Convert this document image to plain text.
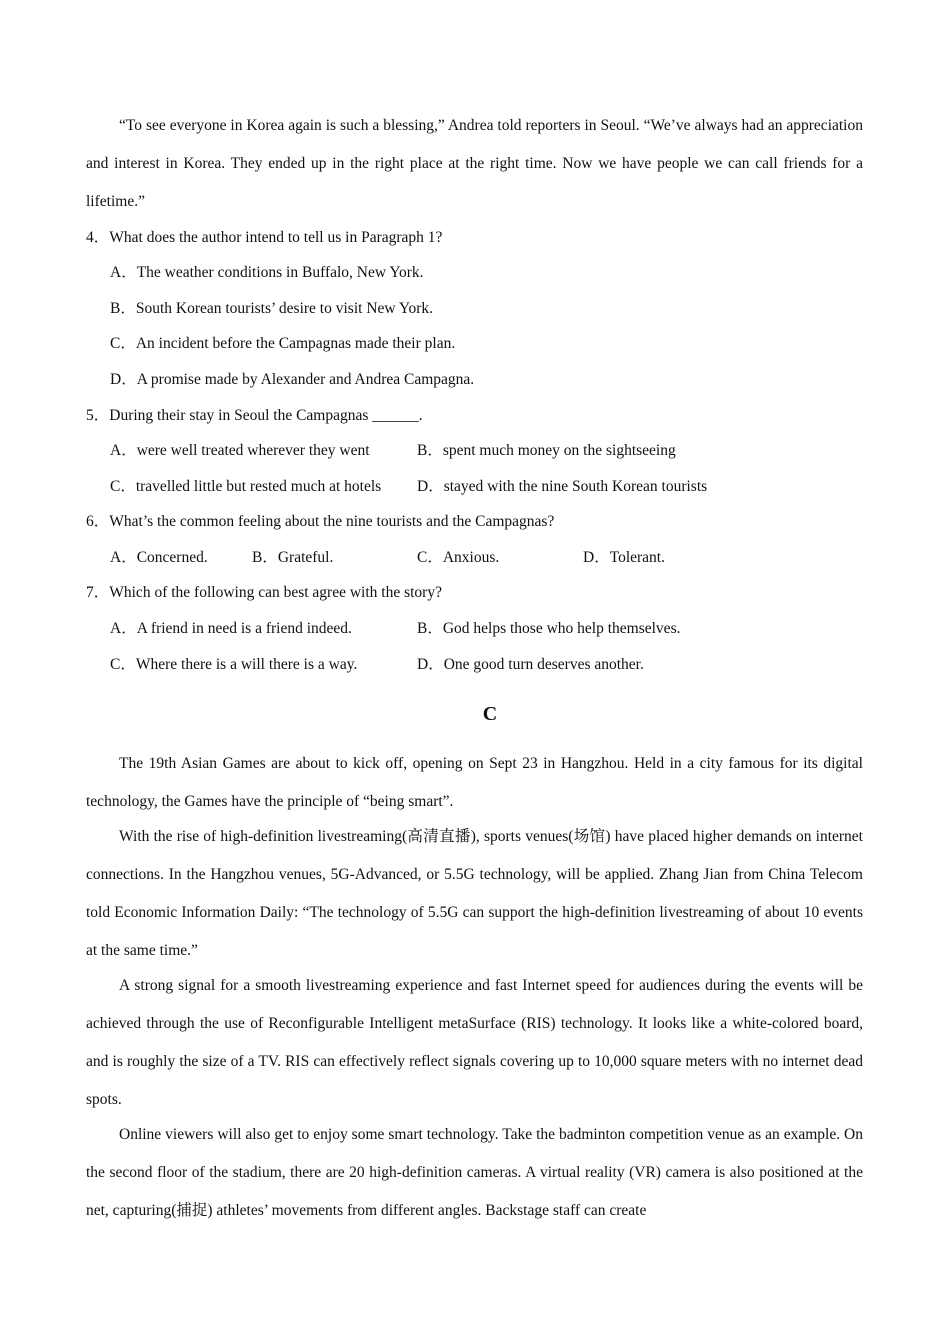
“To see everyone in Korea again is such a blessing,” Andrea told reporters in Seoul. “We’ve always had an appreciation and interest in Korea. They ended up in the right place at the right time. Now we have people we can call friends for a lifetime.”

4．What does the author intend to tell us in Paragraph 1?

A．The weather conditions in Buffalo, New York.

B．South Korean tourists’ desire to visit New York.

C．An incident before the Campagnas made their plan.

D．A promise made by Alexander and Andrea Campagna.

5．During their stay in Seoul the Campagnas ______.

A．were well treated wherever they went	B．spent much money on the sightseeing

C．travelled little but rested much at hotels D．stayed with the nine South Korean tourists

6．What’s the common feeling about the nine tourists and the Campagnas?

A．Concerned.	B．Grateful.	C．Anxious.	D．Tolerant.

7．Which of the following can best agree with the story?

A．A friend in need is a friend indeed.	B．God helps those who help themselves.

C．Where there is a will there is a way.	D．One good turn deserves another.

C

The 19th Asian Games are about to kick off, opening on Sept 23 in Hangzhou. Held in a city famous for its digital technology, the Games have the principle of “being smart”.

With the rise of high-definition livestreaming(高清直播), sports venues(场馆) have placed higher demands on internet connections. In the Hangzhou venues, 5G-Advanced, or 5.5G technology, will be applied. Zhang Jian from China Telecom told Economic Information Daily: “The technology of 5.5G can support the high-definition livestreaming of about 10 events at the same time.”

A strong signal for a smooth livestreaming experience and fast Internet speed for audiences during the events will be achieved through the use of Reconfigurable Intelligent metaSurface (RIS) technology. It looks like a white-colored board, and is roughly the size of a TV. RIS can effectively reflect signals covering up to 10,000 square meters with no internet dead spots.

Online viewers will also get to enjoy some smart technology. Take the badminton competition venue as an example. On the second floor of the stadium, there are 20 high-definition cameras. A virtual reality (VR) camera is also positioned at the net, capturing(捕捉) athletes’ movements from different angles. Backstage staff can create
